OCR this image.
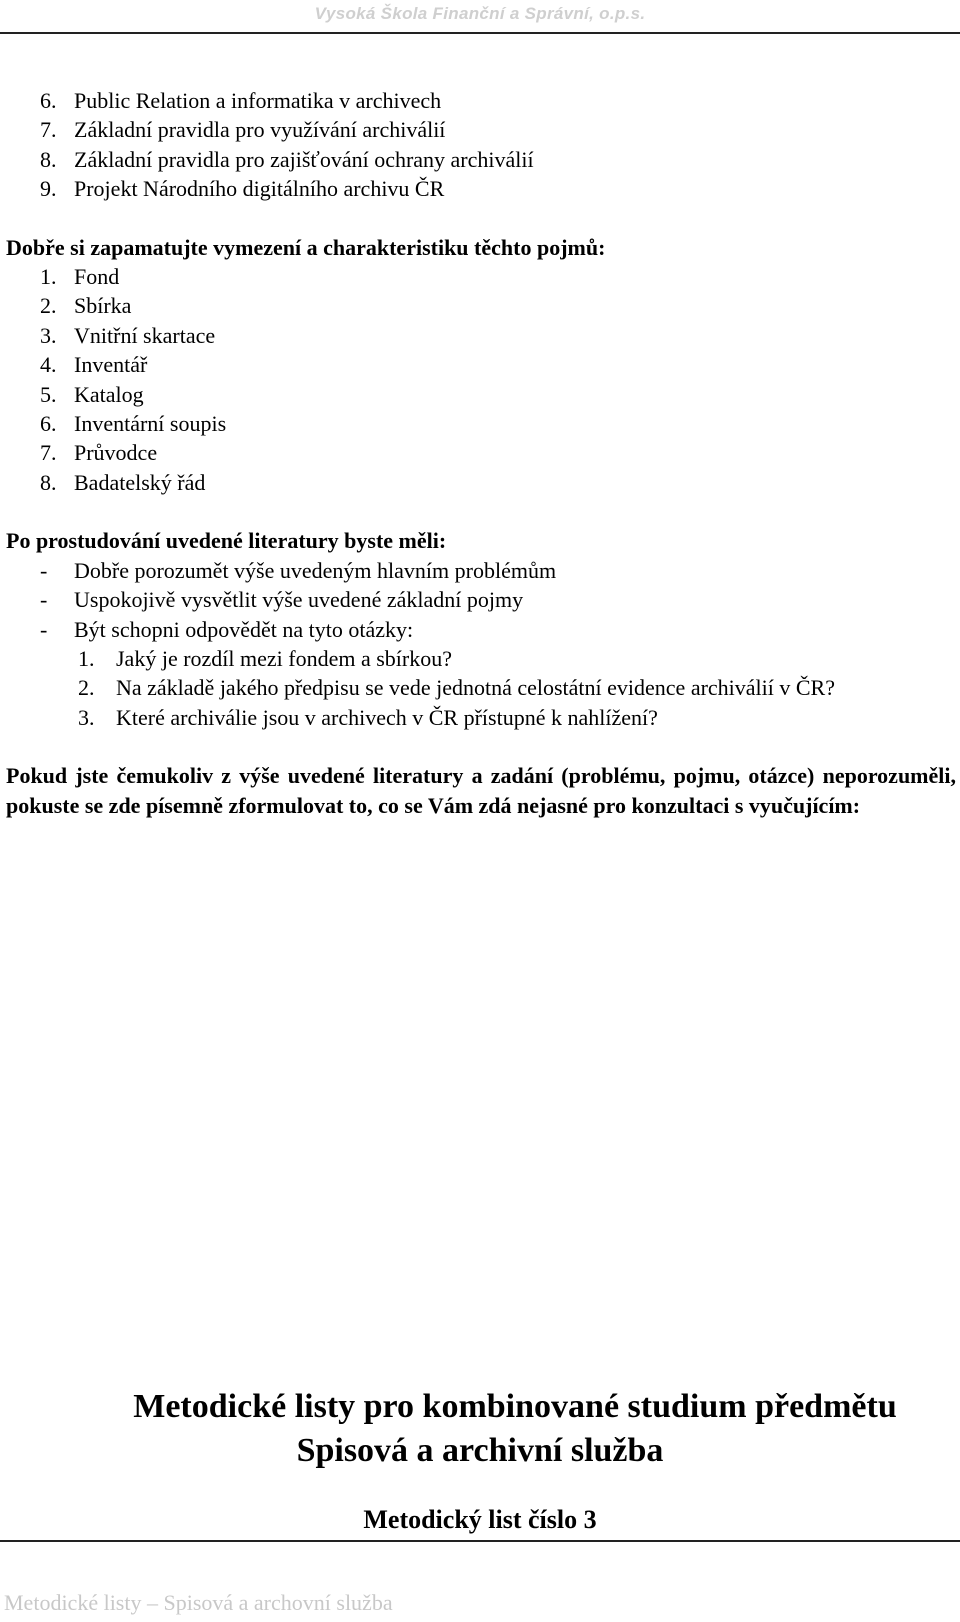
Vysoká Škola Finanční a Správní, o.p.s.
6. Public Relation a informatika v archivech
7. Základní pravidla pro využívání archiválií
8. Základní pravidla pro zajišťování ochrany archiválií
9. Projekt Národního digitálního archivu ČR
Dobře si zapamatujte vymezení a charakteristiku těchto pojmů:
1. Fond
2. Sbírka
3. Vnitřní skartace
4. Inventář
5. Katalog
6. Inventární soupis
7. Průvodce
8. Badatelský řád
Po prostudování uvedené literatury byste měli:
-	Dobře porozumět výše uvedeným hlavním problémům
-	Uspokojivě vysvětlit výše uvedené základní pojmy
-	Být schopni odpovědět na tyto otázky:
1. Jaký je rozdíl mezi fondem a sbírkou?
2. Na základě jakého předpisu se vede jednotná celostátní evidence archiválií v ČR?
3. Které archiválie jsou v archivech v ČR přístupné k nahlížení?
Pokud jste čemukoliv z výše uvedené literatury a zadání (problému, pojmu, otázce) neporozuměli, pokuste se zde písemně zformulovat to, co se Vám zdá nejasné pro konzultaci s vyučujícím:
Metodické listy pro kombinované studium předmětu
Spisová a archivní služba
Metodický list číslo 3
Metodické listy – Spisová a archovní služba
